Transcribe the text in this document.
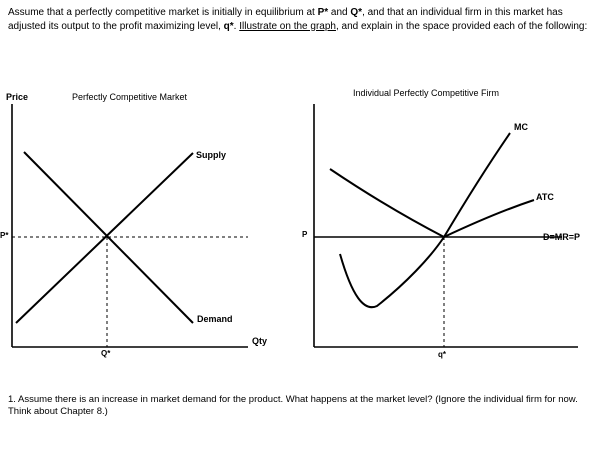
Assume that a perfectly competitive market is initially in equilibrium at P* and Q*, and that an individual firm in this market has adjusted its output to the profit maximizing level, q*. Illustrate on the graph, and explain in the space provided each of the following:
Price	Perfectly Competitive Market
Supply
Demand
Qty
P*
Q*
Individual Perfectly Competitive Firm
MC
ATC
D=MR=P
P
q*
1. Assume there is an increase in market demand for the product. What happens at the market level? (Ignore the individual firm for now. Think about Chapter 8.)
